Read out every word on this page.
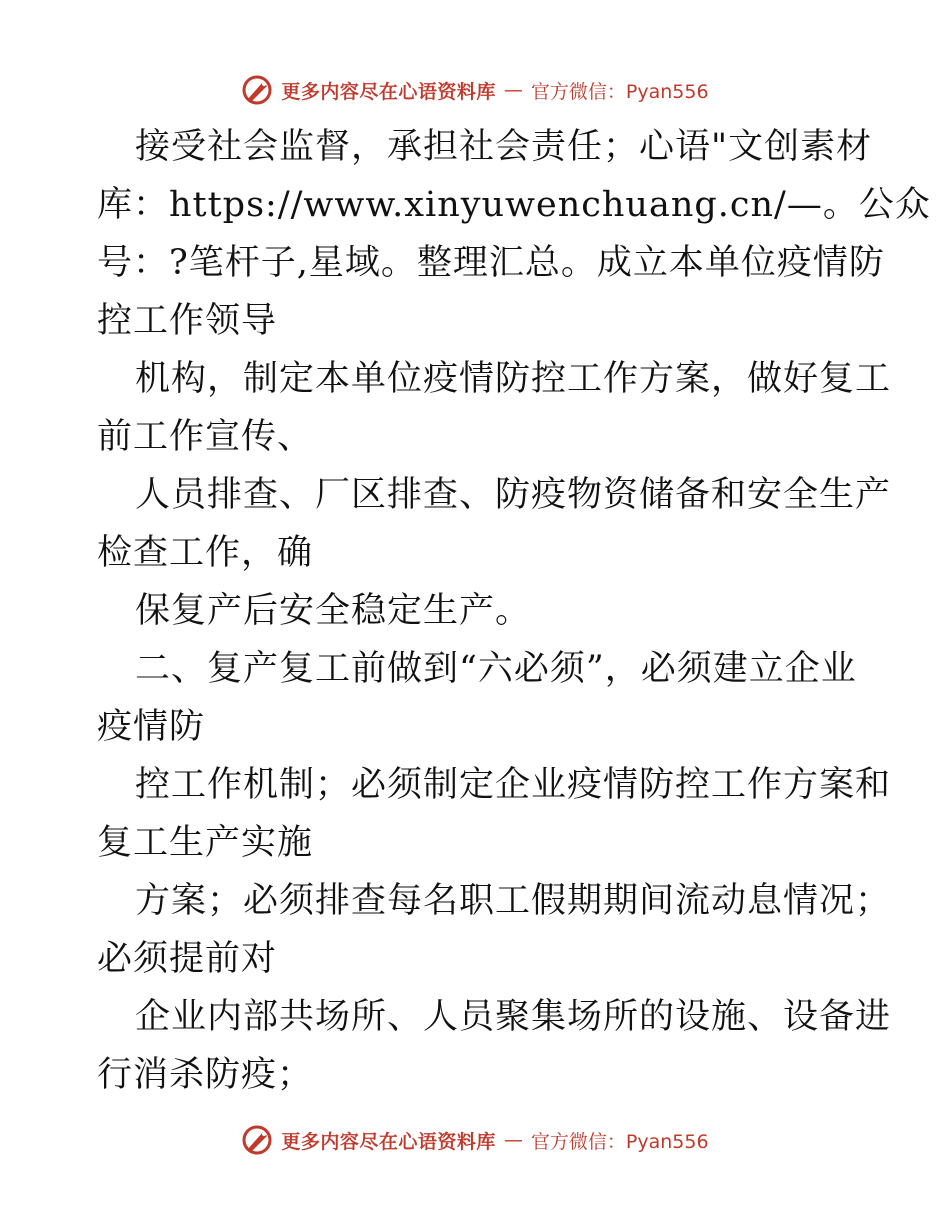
更多内容尽在心语资料库 — 官方微信：Pyan556
接受社会监督，承担社会责任；心语"文创素材
库：https://www.xinyuwenchuang.cn/—。公众
号：?笔杆子,星域。整理汇总。成立本单位疫情防
控工作领导
机构，制定本单位疫情防控工作方案，做好复工
前工作宣传、
人员排查、厂区排查、防疫物资储备和安全生产
检查工作，确
保复产后安全稳定生产。
二、复产复工前做到“六必须”，必须建立企业
疫情防
控工作机制；必须制定企业疫情防控工作方案和
复工生产实施
方案；必须排查每名职工假期期间流动息情况；
必须提前对
企业内部共场所、人员聚集场所的设施、设备进
行消杀防疫；
更多内容尽在心语资料库 — 官方微信：Pyan556
